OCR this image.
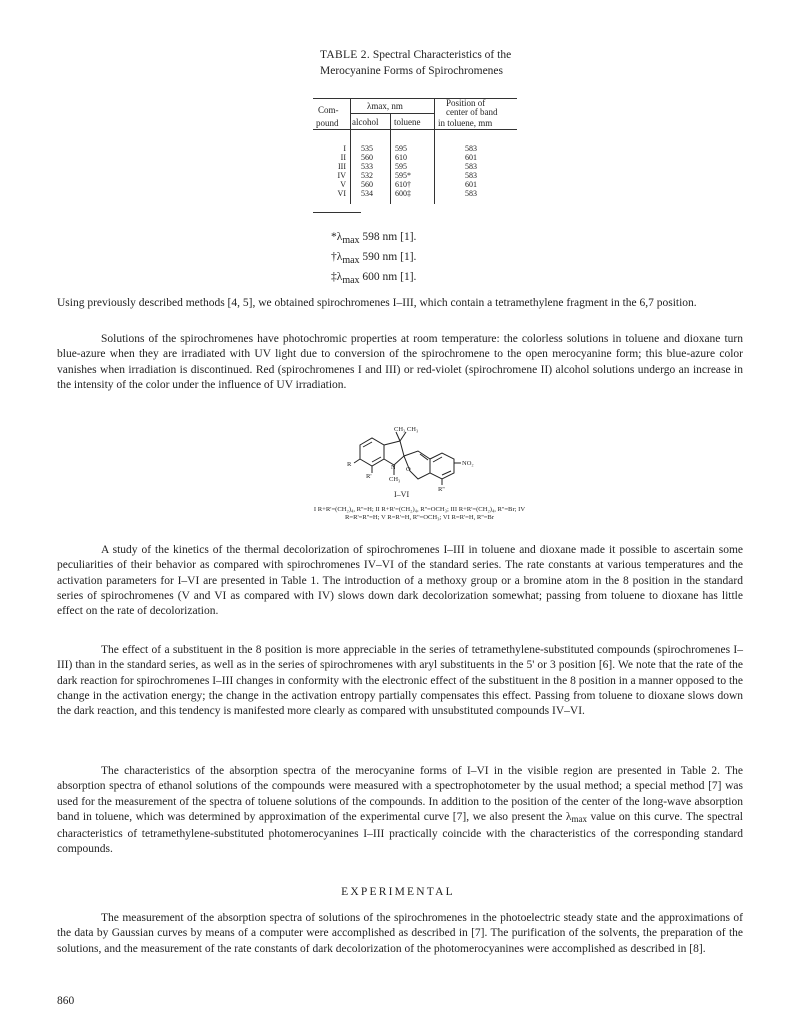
TABLE 2. Spectral Characteristics of the Merocyanine Forms of Spirochromenes
Com-
pound
λmax, nm
alcohol toluene
Position of
center of band
in toluene, mm
I
II
III
IV
V
VI
535
560
533
532
560
534
595
610
595
595*
610†
600‡
583
601
583
583
601
583
$*\lambda_{max}$ 598 nm [1].
$\dagger\lambda_{max}$ 590 nm [1].
$\ddagger\lambda_{max}$ 600 nm [1].
Using previously described methods [4, 5], we obtained spirochromenes I–III, which contain a tetramethylene fragment in the 6,7 position.
Solutions of the spirochromenes have photochromic properties at room temperature: the colorless solutions in toluene and dioxane turn blue-azure when they are irradiated with UV light due to conversion of the spirochromene to the open merocyanine form; this blue-azure color vanishes when irradiation is discontinued. Red (spirochromenes I and III) or red-violet (spirochromene II) alcohol solutions undergo an increase in the intensity of the color under the influence of UV irradiation.
CH₃ CH₃
N O
NO₂
R
R'	CH₃
R''
I–VI
I R+R'=(CH₂)₄, R''=H; II R+R'=(CH₂)₄, R''=OCH₃; III R+R'=(CH₂)₄, R''=Br; IV R=R'=R''=H; V R=R'=H, R''=OCH₃; VI R=R'=H, R''=Br
A study of the kinetics of the thermal decolorization of spirochromenes I–III in toluene and dioxane made it possible to ascertain some peculiarities of their behavior as compared with spirochromenes IV–VI of the standard series. The rate constants at various temperatures and the activation parameters for I–VI are presented in Table 1. The introduction of a methoxy group or a bromine atom in the 8 position in the standard series of spirochromenes (V and VI as compared with IV) slows down dark decolorization somewhat; passing from toluene to dioxane has little effect on the rate of decolorization.
The effect of a substituent in the 8 position is more appreciable in the series of tetramethylene-substituted compounds (spirochromenes I–III) than in the standard series, as well as in the series of spirochromenes with aryl substituents in the 5' or 3 position [6]. We note that the rate of the dark reaction for spirochromenes I–III changes in conformity with the electronic effect of the substituent in the 8 position in a manner opposed to the change in the activation energy; the change in the activation entropy partially compensates this effect. Passing from toluene to dioxane slows down the dark reaction, and this tendency is manifested more clearly as compared with unsubstituted compounds IV–VI.
The characteristics of the absorption spectra of the merocyanine forms of I–VI in the visible region are presented in Table 2. The absorption spectra of ethanol solutions of the compounds were measured with a spectrophotometer by the usual method; a special method [7] was used for the measurement of the spectra of toluene solutions of the compounds. In addition to the position of the center of the long-wave absorption band in toluene, which was determined by approximation of the experimental curve [7], we also present the $\lambda_{max}$ value on this curve. The spectral characteristics of tetramethylene-substituted photomerocyanines I–III practically coincide with the characteristics of the corresponding standard compounds.
EXPERIMENTAL
The measurement of the absorption spectra of solutions of the spirochromenes in the photoelectric steady state and the approximations of the data by Gaussian curves by means of a computer were accomplished as described in [7]. The purification of the solvents, the preparation of the solutions, and the measurement of the rate constants of dark decolorization of the photomerocyanines were accomplished as described in [8].
860
